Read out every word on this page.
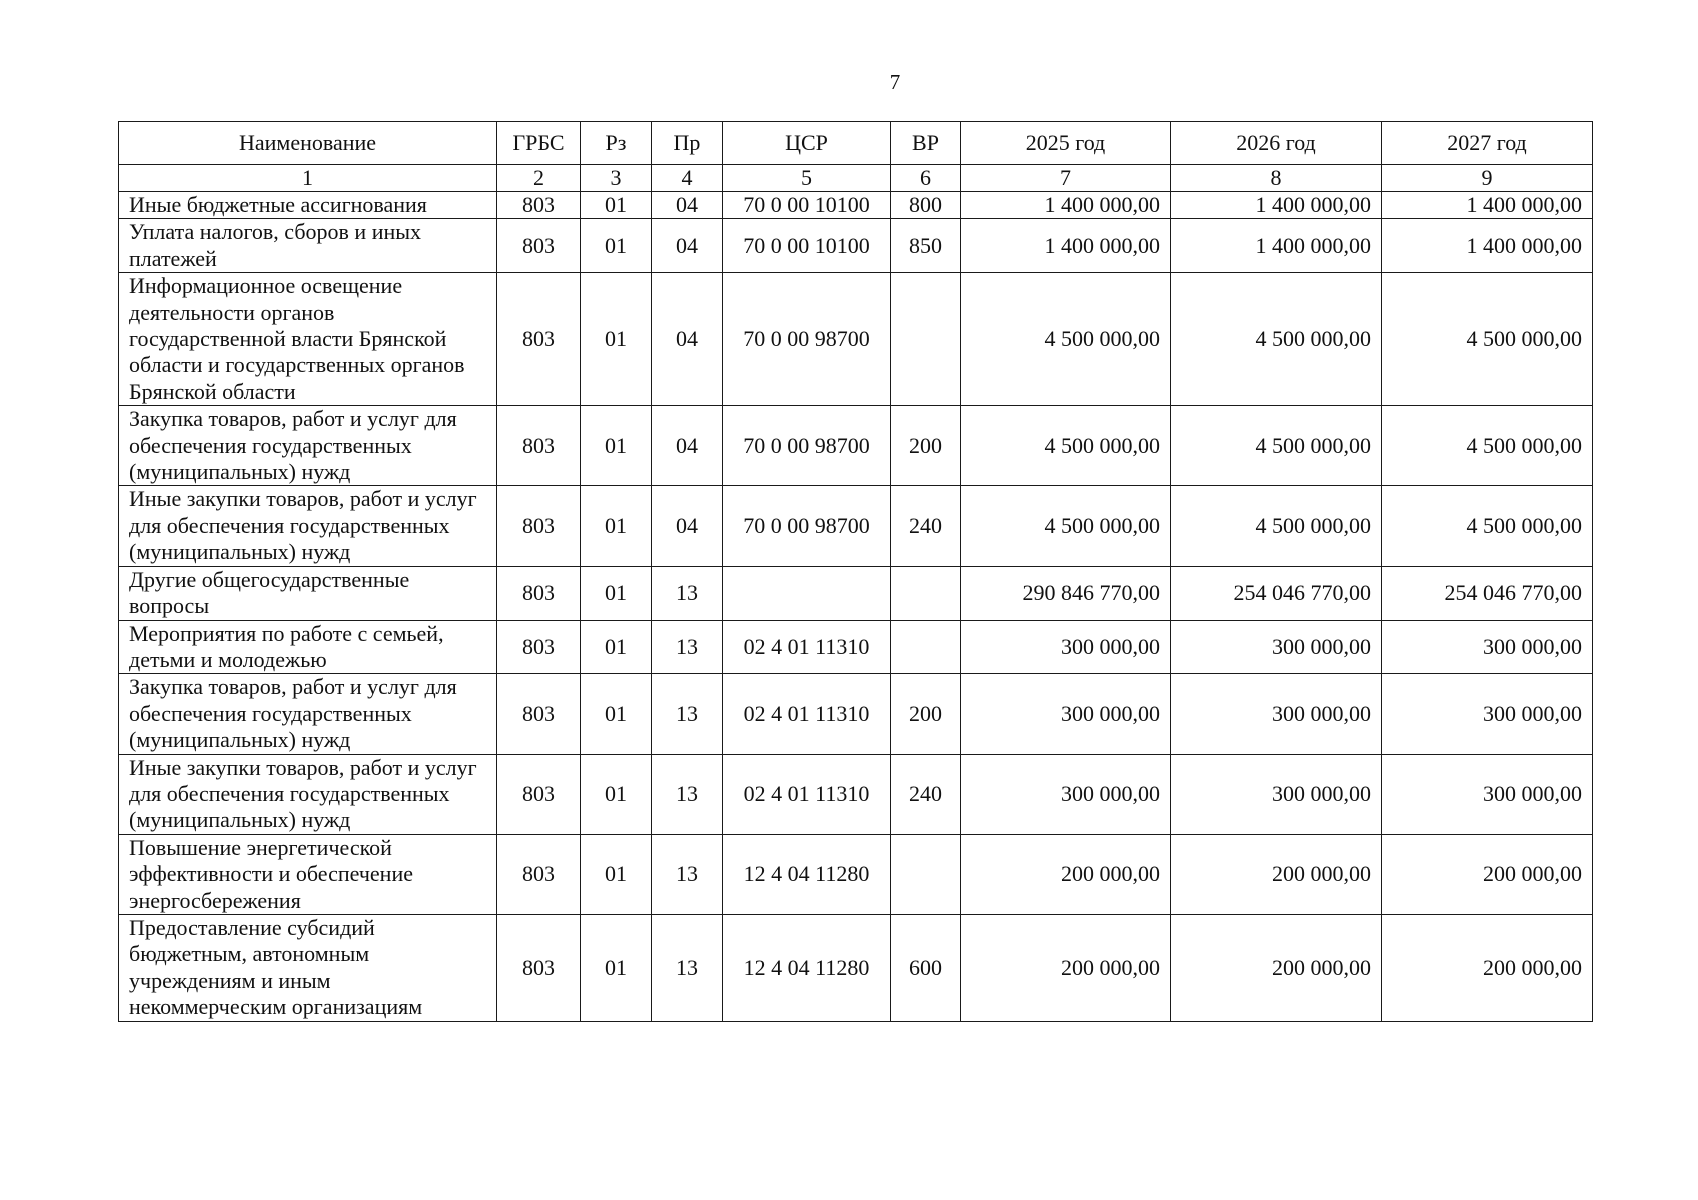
7
Наименование	ГРБС	Рз	Пр	ЦСР	ВР	2025 год	2026 год	2027 год
1	2	3	4	5	6	7	8	9
Иные бюджетные ассигнования	803	01	04	70 0 00 10100	800	1 400 000,00	1 400 000,00	1 400 000,00
Уплата налогов, сборов и иных платежей	803	01	04	70 0 00 10100	850	1 400 000,00	1 400 000,00	1 400 000,00
Информационное освещение деятельности органов государственной власти Брянской области и государственных органов Брянской области	803	01	04	70 0 00 98700		4 500 000,00	4 500 000,00	4 500 000,00
Закупка товаров, работ и услуг для обеспечения государственных (муниципальных) нужд	803	01	04	70 0 00 98700	200	4 500 000,00	4 500 000,00	4 500 000,00
Иные закупки товаров, работ и услуг для обеспечения государственных (муниципальных) нужд	803	01	04	70 0 00 98700	240	4 500 000,00	4 500 000,00	4 500 000,00
Другие общегосударственные вопросы	803	01	13			290 846 770,00	254 046 770,00	254 046 770,00
Мероприятия по работе с семьей, детьми и молодежью	803	01	13	02 4 01 11310		300 000,00	300 000,00	300 000,00
Закупка товаров, работ и услуг для обеспечения государственных (муниципальных) нужд	803	01	13	02 4 01 11310	200	300 000,00	300 000,00	300 000,00
Иные закупки товаров, работ и услуг для обеспечения государственных (муниципальных) нужд	803	01	13	02 4 01 11310	240	300 000,00	300 000,00	300 000,00
Повышение энергетической эффективности и обеспечение энергосбережения	803	01	13	12 4 04 11280		200 000,00	200 000,00	200 000,00
Предоставление субсидий бюджетным, автономным учреждениям и иным некоммерческим организациям	803	01	13	12 4 04 11280	600	200 000,00	200 000,00	200 000,00
